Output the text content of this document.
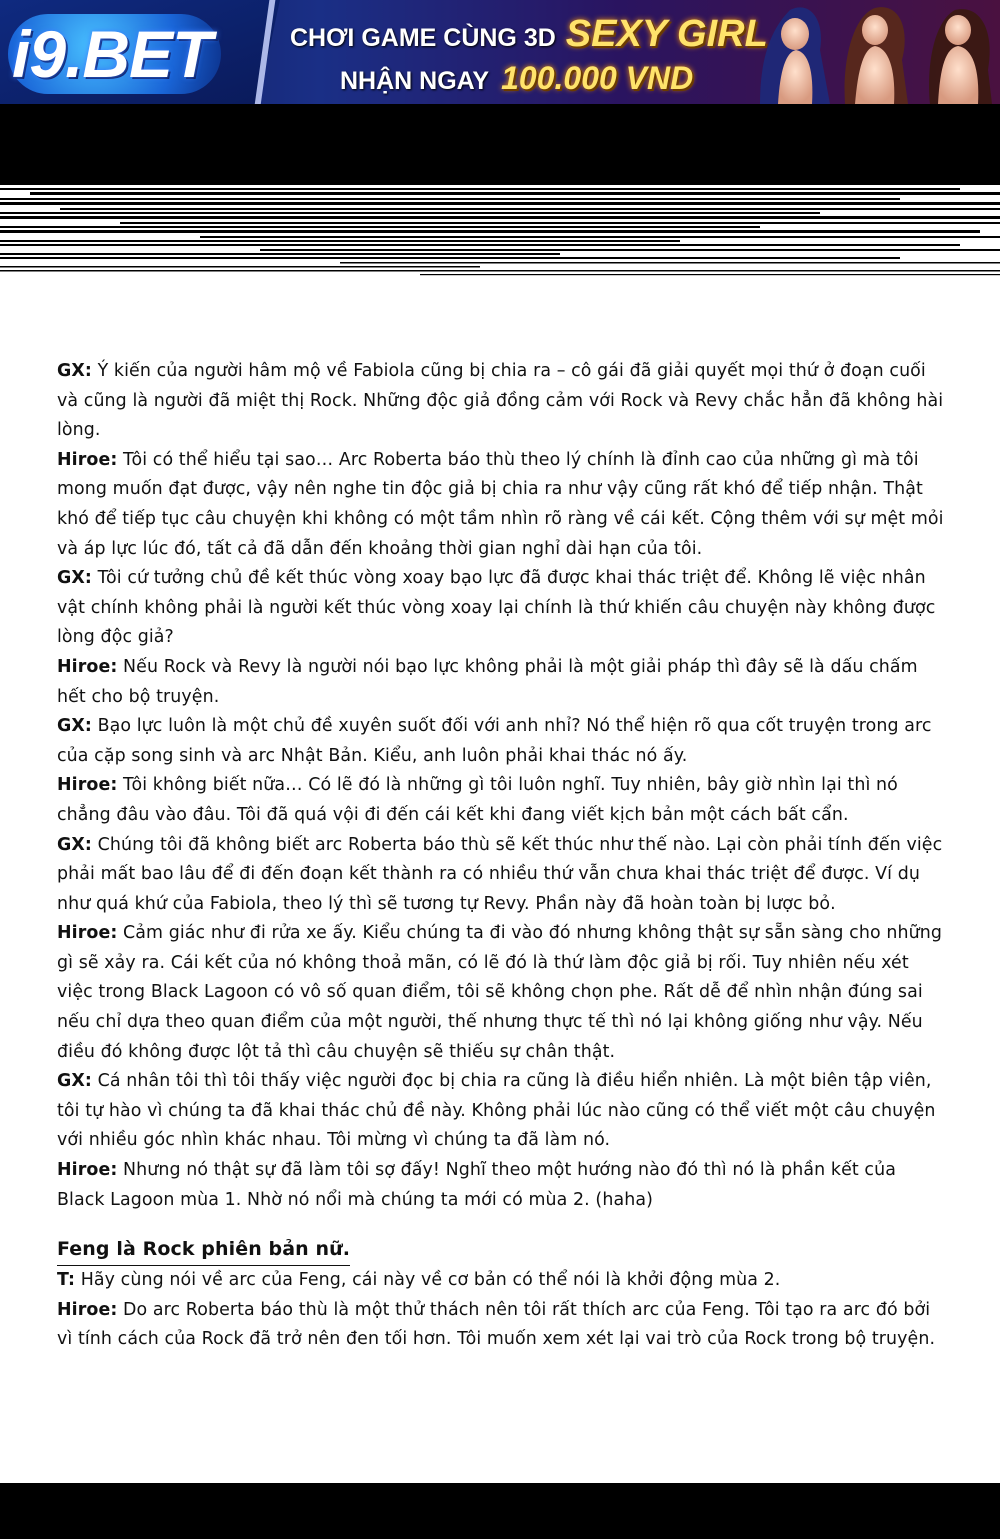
i9.BET	CHƠI GAME CÙNG 3D SEXY GIRL
NHẬN NGAY 100.000 VND

GX: Ý kiến của người hâm mộ về Fabiola cũng bị chia ra – cô gái đã giải quyết mọi thứ ở đoạn cuối và cũng là người đã miệt thị Rock. Những độc giả đồng cảm với Rock và Revy chắc hẳn đã không hài lòng.

Hiroe: Tôi có thể hiểu tại sao… Arc Roberta báo thù theo lý chính là đỉnh cao của những gì mà tôi mong muốn đạt được, vậy nên nghe tin độc giả bị chia ra như vậy cũng rất khó để tiếp nhận. Thật khó để tiếp tục câu chuyện khi không có một tầm nhìn rõ ràng về cái kết. Cộng thêm với sự mệt mỏi và áp lực lúc đó, tất cả đã dẫn đến khoảng thời gian nghỉ dài hạn của tôi.

GX: Tôi cứ tưởng chủ đề kết thúc vòng xoay bạo lực đã được khai thác triệt để. Không lẽ việc nhân vật chính không phải là người kết thúc vòng xoay lại chính là thứ khiến câu chuyện này không được lòng độc giả?

Hiroe: Nếu Rock và Revy là người nói bạo lực không phải là một giải pháp thì đây sẽ là dấu chấm hết cho bộ truyện.

GX: Bạo lực luôn là một chủ đề xuyên suốt đối với anh nhỉ? Nó thể hiện rõ qua cốt truyện trong arc của cặp song sinh và arc Nhật Bản. Kiểu, anh luôn phải khai thác nó ấy.

Hiroe: Tôi không biết nữa… Có lẽ đó là những gì tôi luôn nghĩ. Tuy nhiên, bây giờ nhìn lại thì nó chẳng đâu vào đâu. Tôi đã quá vội đi đến cái kết khi đang viết kịch bản một cách bất cẩn.

GX: Chúng tôi đã không biết arc Roberta báo thù sẽ kết thúc như thế nào. Lại còn phải tính đến việc phải mất bao lâu để đi đến đoạn kết thành ra có nhiều thứ vẫn chưa khai thác triệt để được. Ví dụ như quá khứ của Fabiola, theo lý thì sẽ tương tự Revy. Phần này đã hoàn toàn bị lược bỏ.

Hiroe: Cảm giác như đi rửa xe ấy. Kiểu chúng ta đi vào đó nhưng không thật sự sẵn sàng cho những gì sẽ xảy ra. Cái kết của nó không thoả mãn, có lẽ đó là thứ làm độc giả bị rối. Tuy nhiên nếu xét việc trong Black Lagoon có vô số quan điểm, tôi sẽ không chọn phe. Rất dễ để nhìn nhận đúng sai nếu chỉ dựa theo quan điểm của một người, thế nhưng thực tế thì nó lại không giống như vậy. Nếu điều đó không được lột tả thì câu chuyện sẽ thiếu sự chân thật.

GX: Cá nhân tôi thì tôi thấy việc người đọc bị chia ra cũng là điều hiển nhiên. Là một biên tập viên, tôi tự hào vì chúng ta đã khai thác chủ đề này. Không phải lúc nào cũng có thể viết một câu chuyện với nhiều góc nhìn khác nhau. Tôi mừng vì chúng ta đã làm nó.

Hiroe: Nhưng nó thật sự đã làm tôi sợ đấy! Nghĩ theo một hướng nào đó thì nó là phần kết của Black Lagoon mùa 1. Nhờ nó nổi mà chúng ta mới có mùa 2. (haha)

Feng là Rock phiên bản nữ.

T: Hãy cùng nói về arc của Feng, cái này về cơ bản có thể nói là khởi động mùa 2.

Hiroe: Do arc Roberta báo thù là một thử thách nên tôi rất thích arc của Feng. Tôi tạo ra arc đó bởi vì tính cách của Rock đã trở nên đen tối hơn. Tôi muốn xem xét lại vai trò của Rock trong bộ truyện.
